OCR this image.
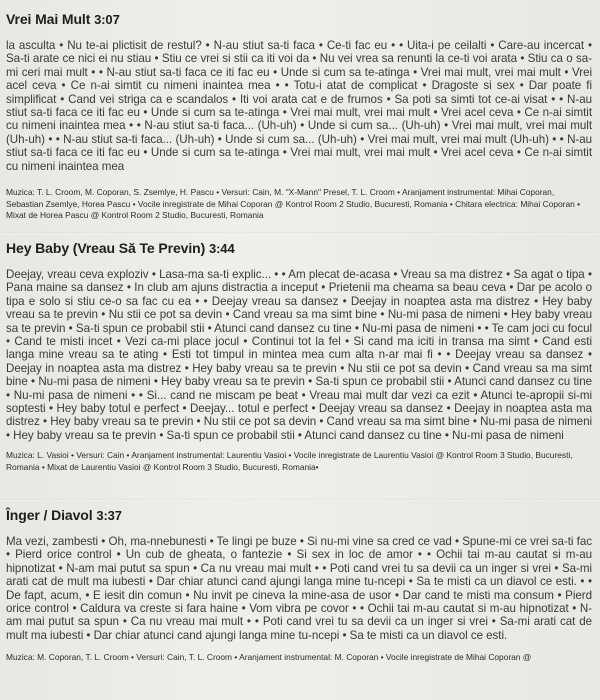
Vrei Mai Mult 3:07

la asculta • Nu te-ai plictisit de restul? • N-au stiut sa-ti faca • Ce-ti fac eu • • Uita-i pe ceilalti • Care-au incercat • Sa-ti arate ce nici ei nu stiau • Stiu ce vrei si stii ca iti voi da • Nu vei vrea sa renunti la ce-ti voi arata • Stiu ca o sa-mi ceri mai mult • • N-au stiut sa-ti faca ce iti fac eu • Unde si cum sa te-atinga • Vrei mai mult, vrei mai mult • Vrei acel ceva • Ce n-ai simtit cu nimeni inaintea mea • • Totu-i atat de complicat • Dragoste si sex • Dar poate fi simplificat • Cand vei striga ca e scandalos • Iti voi arata cat e de frumos • Sa poti sa simti tot ce-ai visat • • N-au stiut sa-ti faca ce iti fac eu • Unde si cum sa te-atinga • Vrei mai mult, vrei mai mult • Vrei acel ceva • Ce n-ai simtit cu nimeni inaintea mea • • N-au stiut sa-ti faca... (Uh-uh) • Unde si cum sa... (Uh-uh) • Vrei mai mult, vrei mai mult (Uh-uh) • • N-au stiut sa-ti faca... (Uh-uh) • Unde si cum sa... (Uh-uh) • Vrei mai mult, vrei mai mult (Uh-uh) • • N-au stiut sa-ti faca ce iti fac eu • Unde si cum sa te-atinga • Vrei mai mult, vrei mai mult • Vrei acel ceva • Ce n-ai simtit cu nimeni inaintea mea

Muzica: T. L. Croom, M. Coporan, S. Zsemlye, H. Pascu • Versuri: Cain, M. "X-Mann" Presel, T. L. Croom • Aranjament instrumental: Mihai Coporan, Sebastian Zsemlye, Horea Pascu • Vocile inregistrate de Mihai Coporan @ Kontrol Room 2 Studio, Bucuresti, Romania • Chitara electrica: Mihai Coporan • Mixat de Horea Pascu @ Kontrol Room 2 Studio, Bucuresti, Romania

Hey Baby (Vreau Să Te Previn) 3:44

Deejay, vreau ceva exploziv • Lasa-ma sa-ti explic... • • Am plecat de-acasa • Vreau sa ma distrez • Sa agat o tipa • Pana maine sa dansez • In club am ajuns distractia a inceput • Prietenii ma cheama sa beau ceva • Dar pe acolo o tipa e solo si stiu ce-o sa fac cu ea • • Deejay vreau sa dansez • Deejay in noaptea asta ma distrez • Hey baby vreau sa te previn • Nu stii ce pot sa devin • Cand vreau sa ma simt bine • Nu-mi pasa de nimeni • Hey baby vreau sa te previn • Sa-ti spun ce probabil stii • Atunci cand dansez cu tine • Nu-mi pasa de nimeni • • Te cam joci cu focul • Cand te misti incet • Vezi ca-mi place jocul • Continui tot la fel • Si cand ma iciti in transa ma simt • Cand esti langa mine vreau sa te ating • Esti tot timpul in mintea mea cum alta n-ar mai fi • • Deejay vreau sa dansez • Deejay in noaptea asta ma distrez • Hey baby vreau sa te previn • Nu stii ce pot sa devin • Cand vreau sa ma simt bine • Nu-mi pasa de nimeni • Hey baby vreau sa te previn • Sa-ti spun ce probabil stii • Atunci cand dansez cu tine • Nu-mi pasa de nimeni • • Si... cand ne miscam pe beat • Vreau mai mult dar vezi ca ezit • Atunci te-apropii si-mi soptesti • Hey baby totul e perfect • Deejay... totul e perfect • Deejay vreau sa dansez • Deejay in noaptea asta ma distrez • Hey baby vreau sa te previn • Nu stii ce pot sa devin • Cand vreau sa ma simt bine • Nu-mi pasa de nimeni • Hey baby vreau sa te previn • Sa-ti spun ce probabil stii • Atunci cand dansez cu tine • Nu-mi pasa de nimeni

Muzica: L. Vasioi • Versuri: Cain • Aranjament instrumental: Laurentiu Vasioi • Vocile inregistrate de Laurentiu Vasioi @ Kontrol Room 3 Studio, Bucuresti, Romania • Mixat de Laurentiu Vasioi @ Kontrol Room 3 Studio, Bucuresti, Romania•

Înger / Diavol 3:37

Ma vezi, zambesti • Oh, ma-nnebunesti • Te lingi pe buze • Si nu-mi vine sa cred ce vad • Spune-mi ce vrei sa-ti fac • Pierd orice control • Un cub de gheata, o fantezie • Si sex in loc de amor • • Ochii tai m-au cautat si m-au hipnotizat • N-am mai putut sa spun • Ca nu vreau mai mult • • Poti cand vrei tu sa devii ca un inger si vrei • Sa-mi arati cat de mult ma iubesti • Dar chiar atunci cand ajungi langa mine tu-ncepi • Sa te misti ca un diavol ce esti. • • De fapt, acum, • E iesit din comun • Nu invit pe cineva la mine-asa de usor • Dar cand te misti ma consum • Pierd orice control • Caldura va creste si fara haine • Vom vibra pe covor • • Ochii tai m-au cautat si m-au hipnotizat • N-am mai putut sa spun • Ca nu vreau mai mult • • Poti cand vrei tu sa devii ca un inger si vrei • Sa-mi arati cat de mult ma iubesti • Dar chiar atunci cand ajungi langa mine tu-ncepi • Sa te misti ca un diavol ce esti.

Muzica: M. Coporan, T. L. Croom • Versuri: Cain, T. L. Croom • Aranjament instrumental: M. Coporan • Vocile inregistrate de Mihai Coporan @
